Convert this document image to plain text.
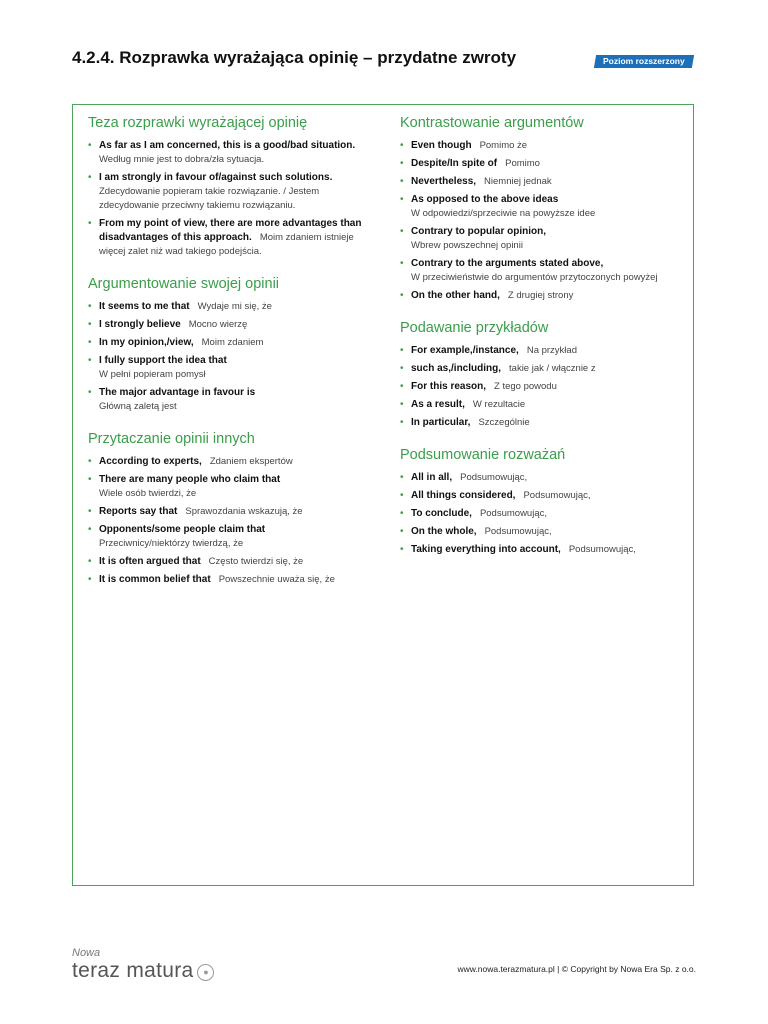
4.2.4. Rozprawka wyrażająca opinię – przydatne zwroty	Poziom rozszerzony
Teza rozprawki wyrażającej opinię
• As far as I am concerned, this is a good/bad situation.Według mnie jest to dobra/zła sytuacja.
• I am strongly in favour of/against such solutions.
Zdecydowanie popieram takie rozwiązanie. / Jestem zdecydowanie przeciwny takiemu rozwiązaniu.
• From my point of view, there are more advantages than disadvantages of this approach. Moim zdaniem istnieje więcej zalet niż wad takiego podejścia.
Argumentowanie swojej opinii
• It seems to me that Wydaje mi się, że
• I strongly believe Mocno wierzę
• In my opinion,/view, Moim zdaniem
• I fully support the idea that
W pełni popieram pomysł
• The major advantage in favour is
Główną zaletą jest
Przytaczanie opinii innych
• According to experts, Zdaniem ekspertów
• There are many people who claim that
Wiele osób twierdzi, że
• Reports say that Sprawozdania wskazują, że
• Opponents/some people claim that
Przeciwnicy/niektórzy twierdzą, że
• It is often argued that Często twierdzi się, że
• It is common belief that Powszechnie uważa się, że
Kontrastowanie argumentów
• Even though Pomimo że
• Despite/In spite of Pomimo
• Nevertheless, Niemniej jednak
• As opposed to the above ideas
W odpowiedzi/sprzeciwie na powyższe idee
• Contrary to popular opinion,
Wbrew powszechnej opinii
• Contrary to the arguments stated above,
W przeciwieństwie do argumentów przytoczonych powyżej
• On the other hand, Z drugiej strony
Podawanie przykładów
• For example,/instance, Na przykład
• such as,/including, takie jak / włącznie z
• For this reason, Z tego powodu
• As a result, W rezultacie
• In particular, Szczególnie
Podsumowanie rozważań
• All in all, Podsumowując,
• All things considered, Podsumowując,
• To conclude, Podsumowując,
• On the whole, Podsumowując,
• Taking everything into account, Podsumowując,
Nowa
teraz matura ●	www.nowa.terazmatura.pl | © Copyright by Nowa Era Sp. z o.o.
